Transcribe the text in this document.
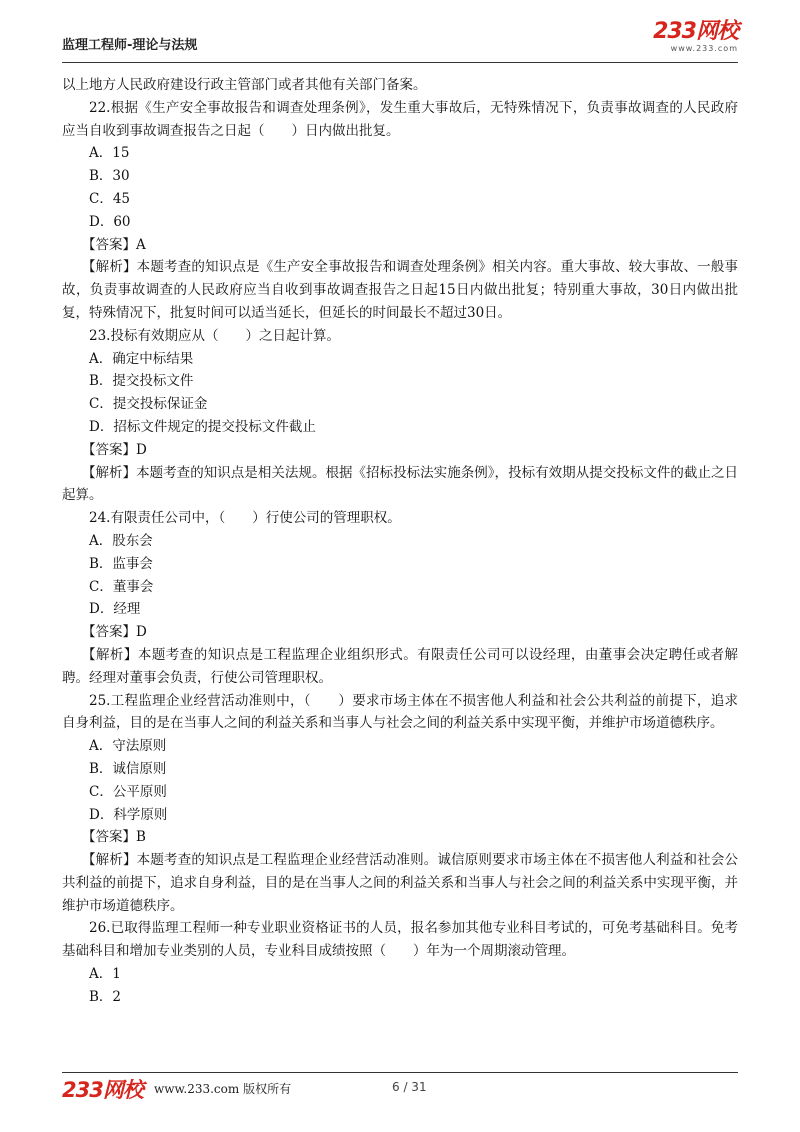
监理工程师-理论与法规
233网校
www.233.com

以上地方人民政府建设行政主管部门或者其他有关部门备案。

22.根据《生产安全事故报告和调查处理条例》，发生重大事故后，无特殊情况下，负责事故调查的人民政府应当自收到事故调查报告之日起（　　）日内做出批复。

A．15

B．30

C．45

D．60

【答案】A

【解析】本题考查的知识点是《生产安全事故报告和调查处理条例》相关内容。重大事故、较大事故、一般事故，负责事故调查的人民政府应当自收到事故调查报告之日起15日内做出批复；特别重大事故，30日内做出批复，特殊情况下，批复时间可以适当延长，但延长的时间最长不超过30日。

23.投标有效期应从（　　）之日起计算。

A．确定中标结果

B．提交投标文件

C．提交投标保证金

D．招标文件规定的提交投标文件截止

【答案】D

【解析】本题考查的知识点是相关法规。根据《招标投标法实施条例》，投标有效期从提交投标文件的截止之日起算。

24.有限责任公司中，（　　）行使公司的管理职权。

A．股东会

B．监事会

C．董事会

D．经理

【答案】D

【解析】本题考查的知识点是工程监理企业组织形式。有限责任公司可以设经理，由董事会决定聘任或者解聘。经理对董事会负责，行使公司管理职权。

25.工程监理企业经营活动准则中，（　　）要求市场主体在不损害他人利益和社会公共利益的前提下，追求自身利益，目的是在当事人之间的利益关系和当事人与社会之间的利益关系中实现平衡，并维护市场道德秩序。

A．守法原则

B．诚信原则

C．公平原则

D．科学原则

【答案】B

【解析】本题考查的知识点是工程监理企业经营活动准则。诚信原则要求市场主体在不损害他人利益和社会公共利益的前提下，追求自身利益，目的是在当事人之间的利益关系和当事人与社会之间的利益关系中实现平衡，并维护市场道德秩序。

26.已取得监理工程师一种专业职业资格证书的人员，报名参加其他专业科目考试的，可免考基础科目。免考基础科目和增加专业类别的人员，专业科目成绩按照（　　）年为一个周期滚动管理。

A．1

B．2

233网校 www.233.com 版权所有	6 / 31
